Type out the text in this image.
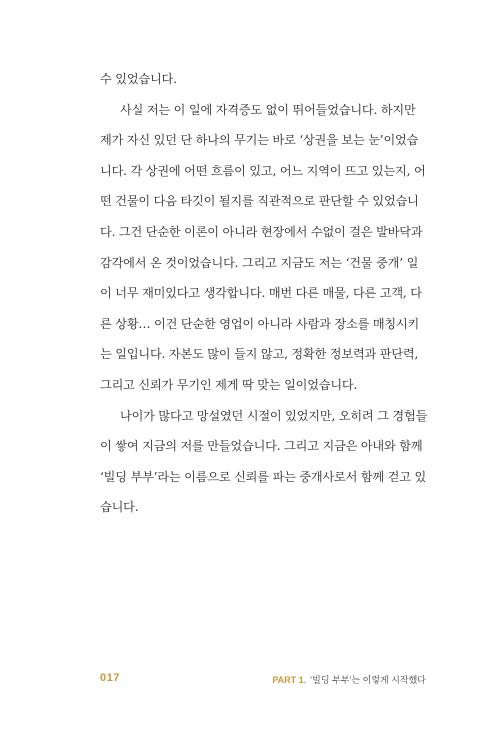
수 있었습니다.
사실 저는 이 일에 자격증도 없이 뛰어들었습니다. 하지만
제가 자신 있던 단 하나의 무기는 바로 ‘상권을 보는 눈’이었습
니다. 각 상권에 어떤 흐름이 있고, 어느 지역이 뜨고 있는지, 어
떤 건물이 다음 타깃이 될지를 직관적으로 판단할 수 있었습니
다. 그건 단순한 이론이 아니라 현장에서 수없이 걸은 발바닥과
감각에서 온 것이었습니다. 그리고 지금도 저는 ‘건물 중개’ 일
이 너무 재미있다고 생각합니다. 매번 다른 매물, 다른 고객, 다
른 상황… 이건 단순한 영업이 아니라 사람과 장소를 매칭시키
는 일입니다. 자본도 많이 들지 않고, 정확한 정보력과 판단력,
그리고 신뢰가 무기인 제게 딱 맞는 일이었습니다.
나이가 많다고 망설였던 시절이 있었지만, 오히려 그 경험들
이 쌓여 지금의 저를 만들었습니다. 그리고 지금은 아내와 함께
‘빌딩 부부’라는 이름으로 신뢰를 파는 중개사로서 함께 걷고 있
습니다.
017	PART 1. ‘빌딩 부부’는 이렇게 시작했다
